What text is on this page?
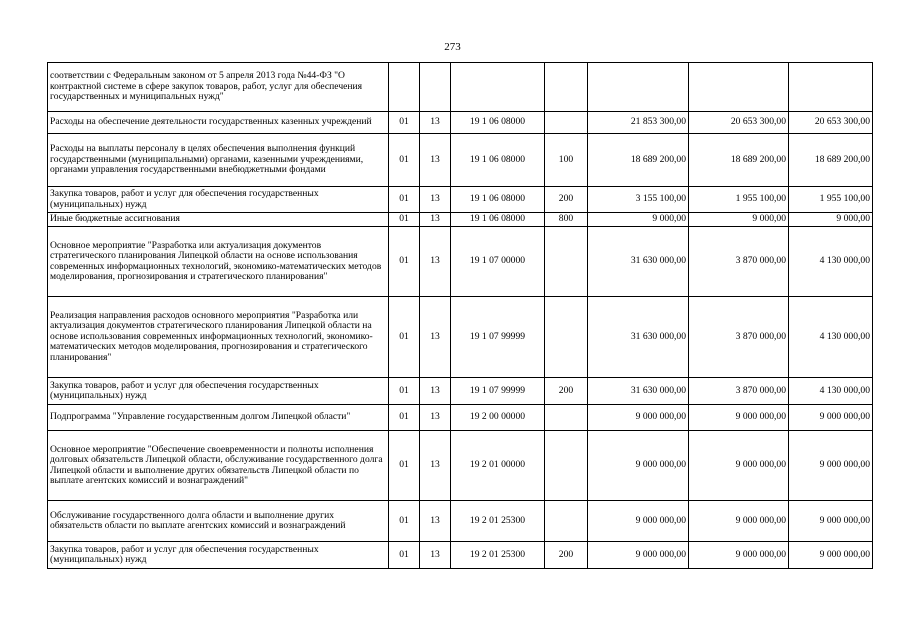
273
соответствии с Федеральным законом от 5 апреля 2013 года №44-ФЗ "О контрактной системе в сфере закупок товаров, работ, услуг для обеспечения государственных и муниципальных нужд"							
Расходы на обеспечение деятельности государственных казенных учреждений	01	13	19 1 06 08000		21 853 300,00	20 653 300,00	20 653 300,00
Расходы на выплаты персоналу в целях обеспечения выполнения функций государственными (муниципальными) органами, казенными учреждениями, органами управления государственными внебюджетными фондами	01	13	19 1 06 08000	100	18 689 200,00	18 689 200,00	18 689 200,00
Закупка товаров, работ и услуг для обеспечения государственных (муниципальных) нужд	01	13	19 1 06 08000	200	3 155 100,00	1 955 100,00	1 955 100,00
Иные бюджетные ассигнования	01	13	19 1 06 08000	800	9 000,00	9 000,00	9 000,00
Основное мероприятие "Разработка или актуализация документов стратегического планирования Липецкой области на основе использования современных информационных технологий, экономико-математических методов моделирования, прогнозирования и стратегического планирования"	01	13	19 1 07 00000		31 630 000,00	3 870 000,00	4 130 000,00
Реализация направления расходов основного мероприятия "Разработка или актуализация документов стратегического планирования Липецкой области на основе использования современных информационных технологий, экономико-математических методов моделирования, прогнозирования и стратегического планирования"	01	13	19 1 07 99999		31 630 000,00	3 870 000,00	4 130 000,00
Закупка товаров, работ и услуг для обеспечения государственных (муниципальных) нужд	01	13	19 1 07 99999	200	31 630 000,00	3 870 000,00	4 130 000,00
Подпрограмма "Управление государственным долгом Липецкой области"	01	13	19 2 00 00000		9 000 000,00	9 000 000,00	9 000 000,00
Основное мероприятие "Обеспечение своевременности и полноты исполнения долговых обязательств Липецкой области, обслуживание государственного долга Липецкой области и выполнение других обязательств Липецкой области по выплате агентских комиссий и вознаграждений"	01	13	19 2 01 00000		9 000 000,00	9 000 000,00	9 000 000,00
Обслуживание государственного долга области и выполнение других обязательств области по выплате агентских комиссий и вознаграждений	01	13	19 2 01 25300		9 000 000,00	9 000 000,00	9 000 000,00
Закупка товаров, работ и услуг для обеспечения государственных (муниципальных) нужд	01	13	19 2 01 25300	200	9 000 000,00	9 000 000,00	9 000 000,00
